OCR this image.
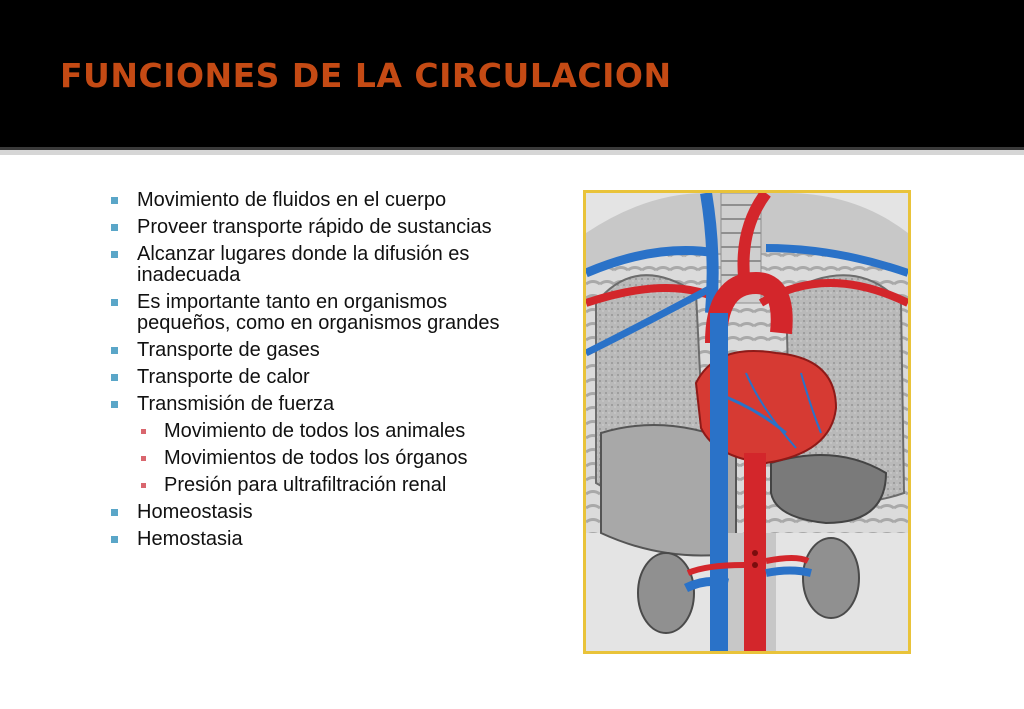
FUNCIONES DE LA CIRCULACION
Movimiento de fluidos en el cuerpo
Proveer transporte rápido de sustancias
Alcanzar lugares donde la difusión es inadecuada
Es importante tanto en organismos pequeños, como en organismos grandes
Transporte de gases
Transporte de calor
Transmisión de fuerza
Movimiento de todos los animales
Movimientos de todos los órganos
Presión para ultrafiltración renal
Homeostasis
Hemostasia
